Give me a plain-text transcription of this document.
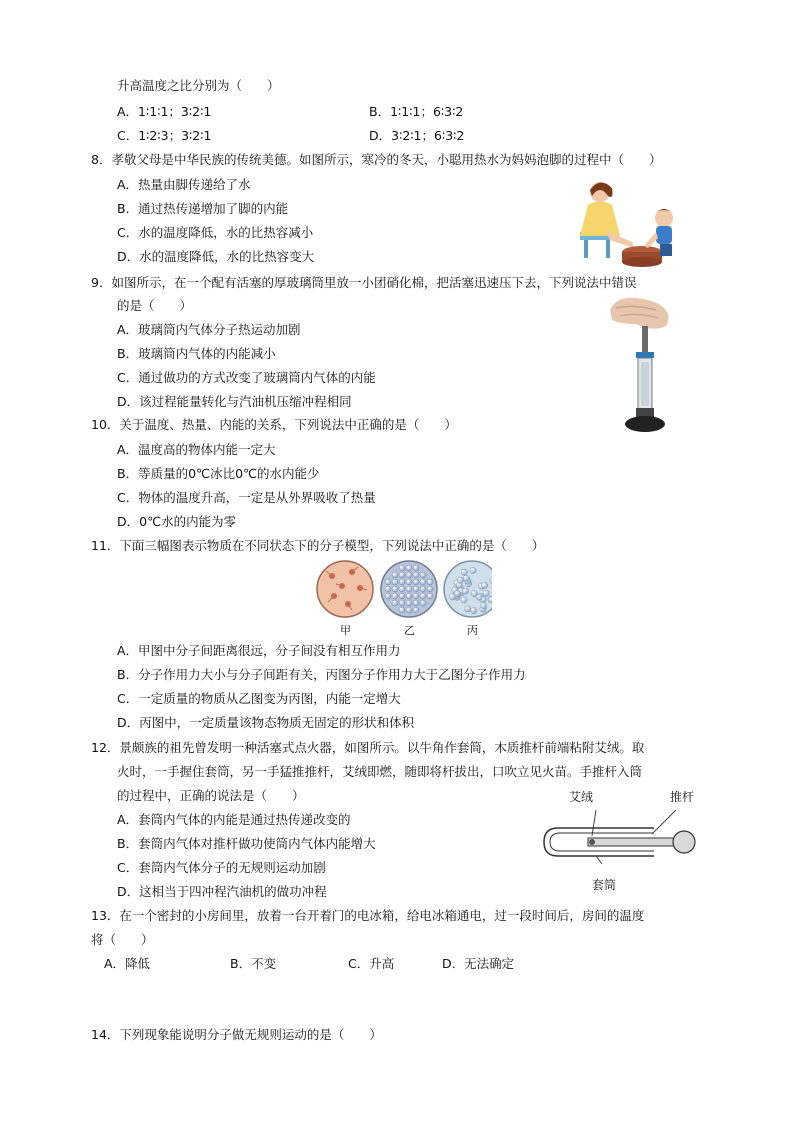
升高温度之比分别为（　　）
A．1∶1∶1；3∶2∶1	B．1∶1∶1；6∶3∶2
C．1∶2∶3；3∶2∶1	D．3∶2∶1；6∶3∶2
8．孝敬父母是中华民族的传统美德。如图所示，寒冷的冬天，小聪用热水为妈妈泡脚的过程中（　　）
A．热量由脚传递给了水
B．通过热传递增加了脚的内能
C．水的温度降低，水的比热容减小
D．水的温度降低，水的比热容变大
9．如图所示，在一个配有活塞的厚玻璃筒里放一小团硝化棉，把活塞迅速压下去，下列说法中错误
的是（　　）
A．玻璃筒内气体分子热运动加剧
B．玻璃筒内气体的内能减小
C．通过做功的方式改变了玻璃筒内气体的内能
D．该过程能量转化与汽油机压缩冲程相同
10．关于温度、热量、内能的关系，下列说法中正确的是（　　）
A．温度高的物体内能一定大
B．等质量的0℃冰比0℃的水内能少
C．物体的温度升高，一定是从外界吸收了热量
D．0℃水的内能为零
11．下面三幅图表示物质在不同状态下的分子模型，下列说法中正确的是（　　）
甲	乙	丙
A．甲图中分子间距离很远，分子间没有相互作用力
B．分子作用力大小与分子间距有关，丙图分子作用力大于乙图分子作用力
C．一定质量的物质从乙图变为丙图，内能一定增大
D．丙图中，一定质量该物态物质无固定的形状和体积
12．景颇族的祖先曾发明一种活塞式点火器，如图所示。以牛角作套筒，木质推杆前端粘附艾绒。取
火时，一手握住套筒，另一手猛推推杆，艾绒即燃，随即将杆拔出，口吹立见火苗。手推杆入筒
的过程中，正确的说法是（　　）
A．套筒内气体的内能是通过热传递改变的
B．套筒内气体对推杆做功使筒内气体内能增大
C．套筒内气体分子的无规则运动加剧
D．这相当于四冲程汽油机的做功冲程
艾绒	推杆
套筒
13．在一个密封的小房间里，放着一台开着门的电冰箱，给电冰箱通电，过一段时间后，房间的温度
将（　　）
A．降低	B．不变	C．升高	D．无法确定
14．下列现象能说明分子做无规则运动的是（　　）
